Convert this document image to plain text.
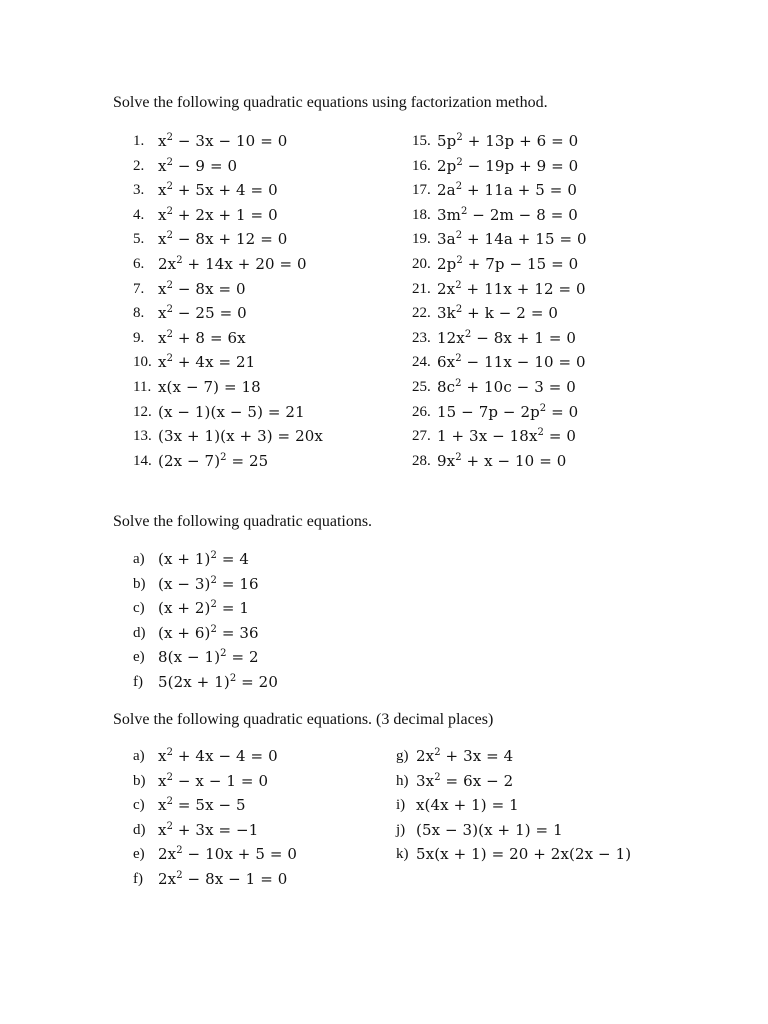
Solve the following quadratic equations using factorization method.
1. $x^2 - 3x - 10 = 0$
2. $x^2 - 9 = 0$
3. $x^2 + 5x + 4 = 0$
4. $x^2 + 2x + 1 = 0$
5. $x^2 - 8x + 12 = 0$
6. $2x^2 + 14x + 20 = 0$
7. $x^2 - 8x = 0$
8. $x^2 - 25 = 0$
9. $x^2 + 8 = 6x$
10. $x^2 + 4x = 21$
11. x(x − 7) = 18
12. (x − 1)(x − 5) = 21
13. (3x + 1)(x + 3) = 20x
14. $(2x - 7)^2 = 25$
15. $5p^2 + 13p + 6 = 0$
16. $2p^2 - 19p + 9 = 0$
17. $2a^2 + 11a + 5 = 0$
18. $3m^2 - 2m - 8 = 0$
19. $3a^2 + 14a + 15 = 0$
20. $2p^2 + 7p - 15 = 0$
21. $2x^2 + 11x + 12 = 0$
22. $3k^2 + k - 2 = 0$
23. $12x^2 - 8x + 1 = 0$
24. $6x^2 - 11x - 10 = 0$
25. $8c^2 + 10c - 3 = 0$
26. $15 - 7p - 2p^2 = 0$
27. $1 + 3x - 18x^2 = 0$
28. $9x^2 + x - 10 = 0$
Solve the following quadratic equations.
a) $(x + 1)^2 = 4$
b) $(x - 3)^2 = 16$
c) $(x + 2)^2 = 1$
d) $(x + 6)^2 = 36$
e) $8(x - 1)^2 = 2$
f) $5(2x + 1)^2 = 20$
Solve the following quadratic equations. (3 decimal places)
a) $x^2 + 4x - 4 = 0$
b) $x^2 - x - 1 = 0$
c) $x^2 = 5x - 5$
d) $x^2 + 3x = -1$
e) $2x^2 - 10x + 5 = 0$
f) $2x^2 - 8x - 1 = 0$
g) $2x^2 + 3x = 4$
h) $3x^2 = 6x - 2$
i) x(4x + 1) = 1
j) (5x − 3)(x + 1) = 1
k) 5x(x + 1) = 20 + 2x(2x − 1)
